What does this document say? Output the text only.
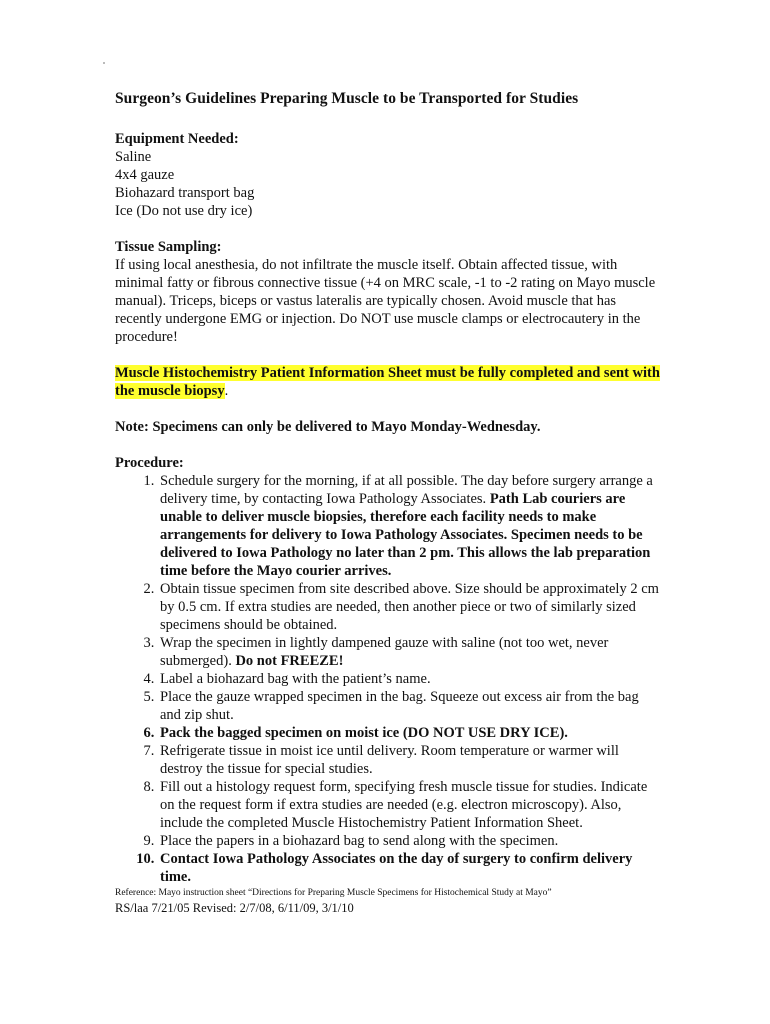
Surgeon’s Guidelines Preparing Muscle to be Transported for Studies
Equipment Needed:
Saline
4x4 gauze
Biohazard transport bag
Ice (Do not use dry ice)
Tissue Sampling:
If using local anesthesia, do not infiltrate the muscle itself. Obtain affected tissue, with minimal fatty or fibrous connective tissue (+4 on MRC scale, -1 to -2 rating on Mayo muscle manual). Triceps, biceps or vastus lateralis are typically chosen. Avoid muscle that has recently undergone EMG or injection. Do NOT use muscle clamps or electrocautery in the procedure!
Muscle Histochemistry Patient Information Sheet must be fully completed and sent with the muscle biopsy.
Note: Specimens can only be delivered to Mayo Monday-Wednesday.
Procedure:
1. Schedule surgery for the morning, if at all possible. The day before surgery arrange a delivery time, by contacting Iowa Pathology Associates. Path Lab couriers are unable to deliver muscle biopsies, therefore each facility needs to make arrangements for delivery to Iowa Pathology Associates. Specimen needs to be delivered to Iowa Pathology no later than 2 pm. This allows the lab preparation time before the Mayo courier arrives.
2. Obtain tissue specimen from site described above. Size should be approximately 2 cm by 0.5 cm. If extra studies are needed, then another piece or two of similarly sized specimens should be obtained.
3. Wrap the specimen in lightly dampened gauze with saline (not too wet, never submerged). Do not FREEZE!
4. Label a biohazard bag with the patient’s name.
5. Place the gauze wrapped specimen in the bag. Squeeze out excess air from the bag and zip shut.
6. Pack the bagged specimen on moist ice (DO NOT USE DRY ICE).
7. Refrigerate tissue in moist ice until delivery. Room temperature or warmer will destroy the tissue for special studies.
8. Fill out a histology request form, specifying fresh muscle tissue for studies. Indicate on the request form if extra studies are needed (e.g. electron microscopy). Also, include the completed Muscle Histochemistry Patient Information Sheet.
9. Place the papers in a biohazard bag to send along with the specimen.
10. Contact Iowa Pathology Associates on the day of surgery to confirm delivery time.
Reference: Mayo instruction sheet “Directions for Preparing Muscle Specimens for Histochemical Study at Mayo”
RS/laa 7/21/05 Revised: 2/7/08, 6/11/09, 3/1/10
